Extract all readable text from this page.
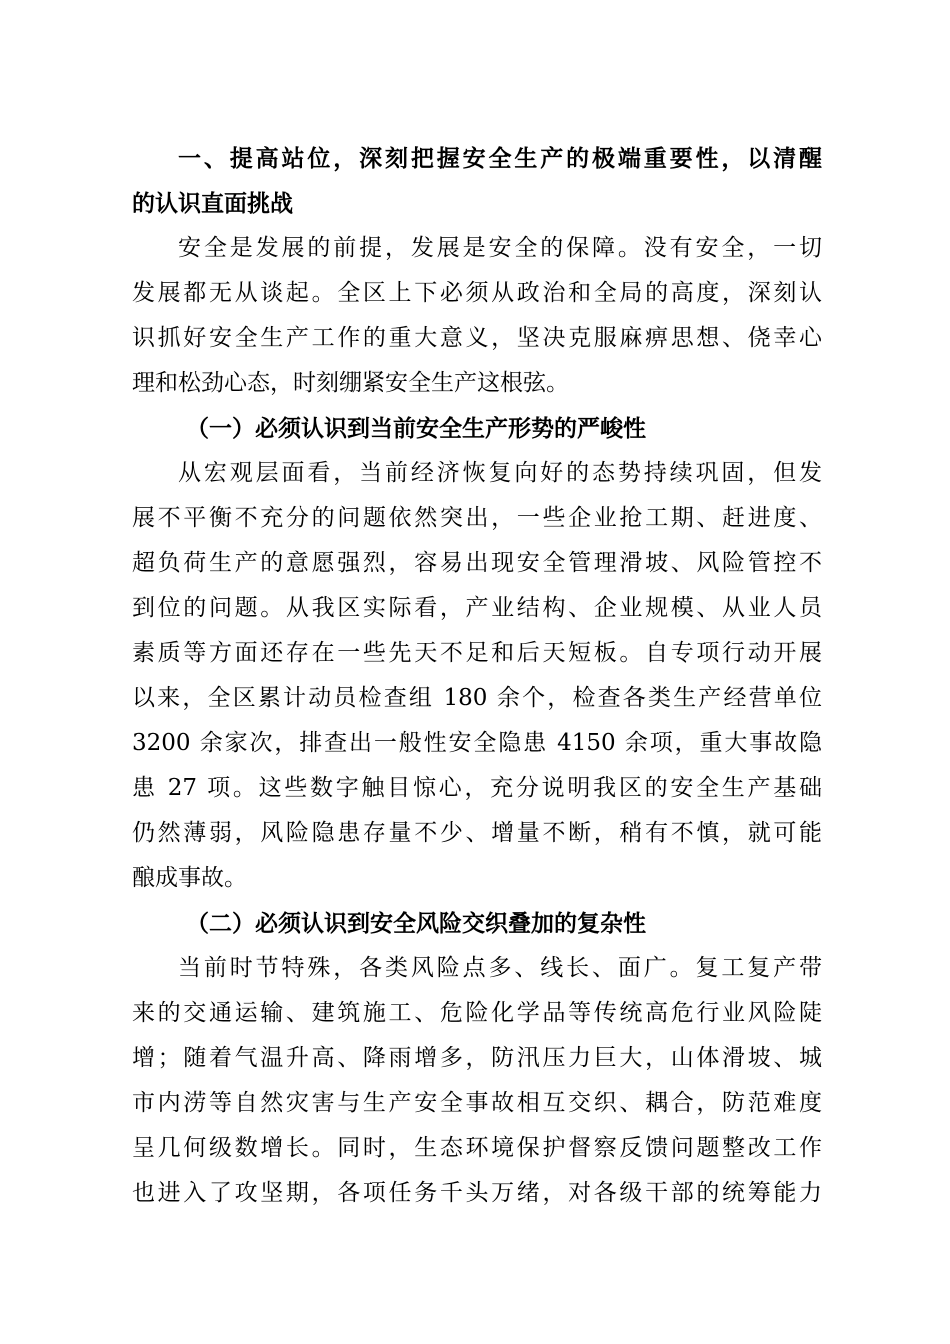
一、提高站位，深刻把握安全生产的极端重要性，以清醒
的认识直面挑战
安全是发展的前提，发展是安全的保障。没有安全，一切
发展都无从谈起。全区上下必须从政治和全局的高度，深刻认
识抓好安全生产工作的重大意义，坚决克服麻痹思想、侥幸心
理和松劲心态，时刻绷紧安全生产这根弦。
（一）必须认识到当前安全生产形势的严峻性
从宏观层面看，当前经济恢复向好的态势持续巩固，但发
展不平衡不充分的问题依然突出，一些企业抢工期、赶进度、
超负荷生产的意愿强烈，容易出现安全管理滑坡、风险管控不
到位的问题。从我区实际看，产业结构、企业规模、从业人员
素质等方面还存在一些先天不足和后天短板。自专项行动开展
以来，全区累计动员检查组 180 余个，检查各类生产经营单位
3200 余家次，排查出一般性安全隐患 4150 余项，重大事故隐
患 27 项。这些数字触目惊心，充分说明我区的安全生产基础
仍然薄弱，风险隐患存量不少、增量不断，稍有不慎，就可能
酿成事故。
（二）必须认识到安全风险交织叠加的复杂性
当前时节特殊，各类风险点多、线长、面广。复工复产带
来的交通运输、建筑施工、危险化学品等传统高危行业风险陡
增；随着气温升高、降雨增多，防汛压力巨大，山体滑坡、城
市内涝等自然灾害与生产安全事故相互交织、耦合，防范难度
呈几何级数增长。同时，生态环境保护督察反馈问题整改工作
也进入了攻坚期，各项任务千头万绪，对各级干部的统筹能力
